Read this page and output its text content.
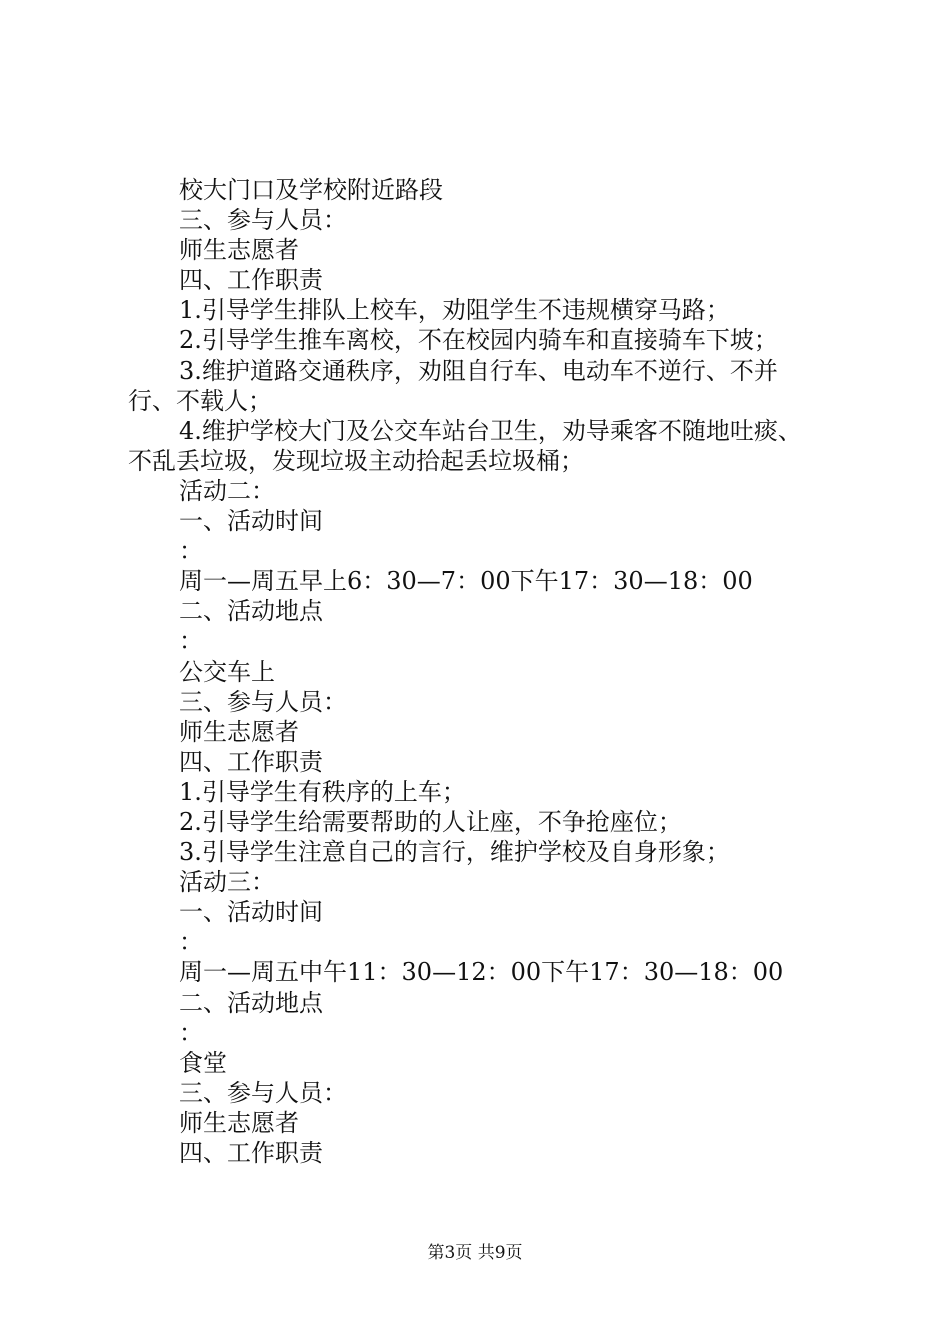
校大门口及学校附近路段
三、参与人员：
师生志愿者
四、工作职责
1.引导学生排队上校车，劝阻学生不违规横穿马路；
2.引导学生推车离校，不在校园内骑车和直接骑车下坡；
3.维护道路交通秩序，劝阻自行车、电动车不逆行、不并
行、不载人；
4.维护学校大门及公交车站台卫生，劝导乘客不随地吐痰、
不乱丢垃圾，发现垃圾主动拾起丢垃圾桶；
活动二：
一、活动时间
：
周一—周五早上6：30—7：00下午17：30—18：00
二、活动地点
：
公交车上
三、参与人员：
师生志愿者
四、工作职责
1.引导学生有秩序的上车；
2.引导学生给需要帮助的人让座，不争抢座位；
3.引导学生注意自己的言行，维护学校及自身形象；
活动三：
一、活动时间
：
周一—周五中午11：30—12：00下午17：30—18：00
二、活动地点
：
食堂
三、参与人员：
师生志愿者
四、工作职责
第3页 共9页
